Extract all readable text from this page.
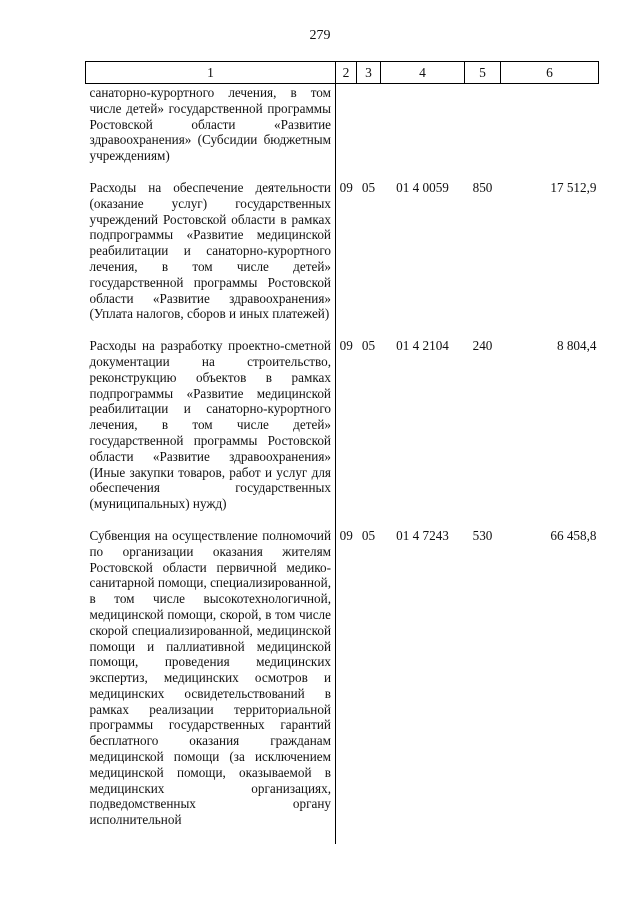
279
1	2	3	4	5	6
санаторно-курортного лечения, в том числе детей» государственной программы Ростовской области «Развитие здравоохранения» (Субсидии бюджетным учреждениям)					
Расходы на обеспечение деятельности (оказание услуг) государственных учреждений Ростовской области в рамках подпрограммы «Развитие медицинской реабилитации и санаторно-курортного лечения, в том числе детей» государственной программы Ростовской области «Развитие здравоохранения» (Уплата налогов, сборов и иных платежей)	09	05	01 4 0059	850	17 512,9
Расходы на разработку проектно-сметной документации на строительство, реконструкцию объектов в рамках подпрограммы «Развитие медицинской реабилитации и санаторно-курортного лечения, в том числе детей» государственной программы Ростовской области «Развитие здравоохранения» (Иные закупки товаров, работ и услуг для обеспечения государственных (муниципальных) нужд)	09	05	01 4 2104	240	8 804,4
Субвенция на осуществление полномочий по организации оказания жителям Ростовской области первичной медико-санитарной помощи, специализированной, в том числе высокотехнологичной, медицинской помощи, скорой, в том числе скорой специализированной, медицинской помощи и паллиативной медицинской помощи, проведения медицинских экспертиз, медицинских осмотров и медицинских освидетельствований в рамках реализации территориальной программы государственных гарантий бесплатного оказания гражданам медицинской помощи (за исключением медицинской помощи, оказываемой в медицинских организациях, подведомственных органу исполнительной	09	05	01 4 7243	530	66 458,8
